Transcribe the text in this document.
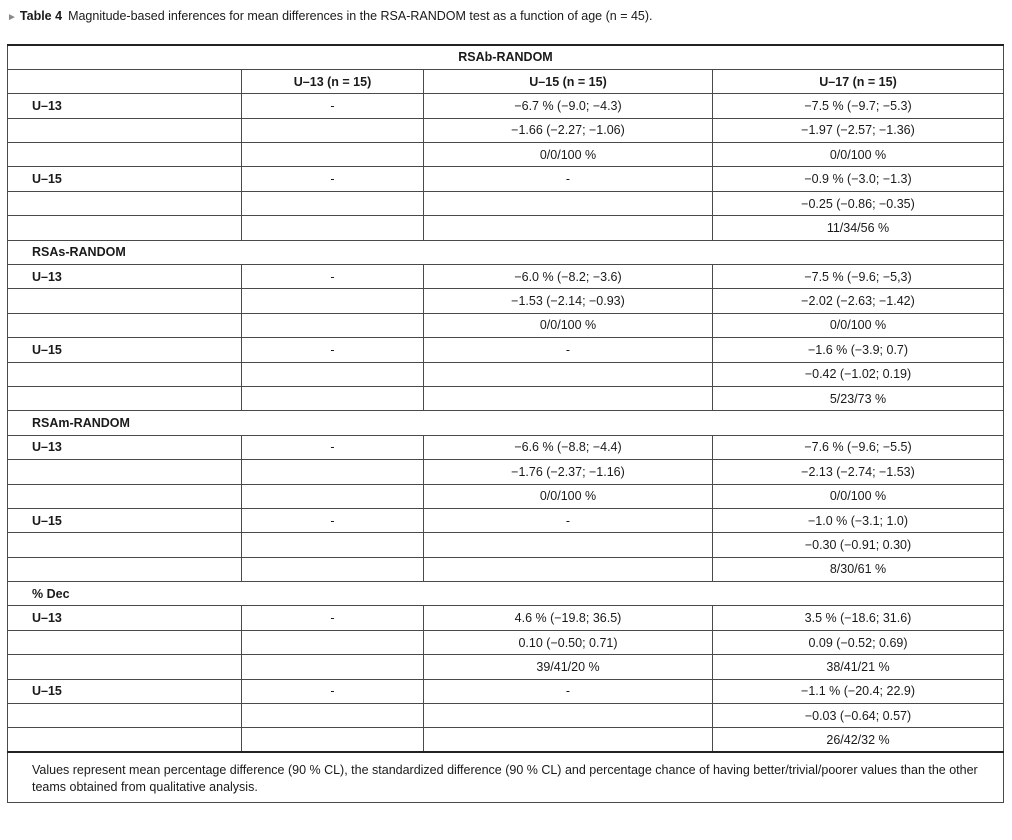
► Table 4 Magnitude-based inferences for mean differences in the RSA-RANDOM test as a function of age (n = 45).
RSAb-RANDOM			
	U–13 (n = 15)	U–15 (n = 15)	U–17 (n = 15)
U–13	-	−6.7 % (−9.0; −4.3)	−7.5 % (−9.7; −5.3)
		−1.66 (−2.27; −1.06)	−1.97 (−2.57; −1.36)
		0/0/100 %	0/0/100 %
U–15	-	-	−0.9 % (−3.0; −1.3)
			−0.25 (−0.86; −0.35)
			11/34/56 %
RSAs-RANDOM			
U–13	-	−6.0 % (−8.2; −3.6)	−7.5 % (−9.6; −5,3)
		−1.53 (−2.14; −0.93)	−2.02 (−2.63; −1.42)
		0/0/100 %	0/0/100 %
U–15	-	-	−1.6 % (−3.9; 0.7)
			−0.42 (−1.02; 0.19)
			5/23/73 %
RSAm-RANDOM			
U–13	-	−6.6 % (−8.8; −4.4)	−7.6 % (−9.6; −5.5)
		−1.76 (−2.37; −1.16)	−2.13 (−2.74; −1.53)
		0/0/100 %	0/0/100 %
U–15	-	-	−1.0 % (−3.1; 1.0)
			−0.30 (−0.91; 0.30)
			8/30/61 %
% Dec			
U–13	-	4.6 % (−19.8; 36.5)	3.5 % (−18.6; 31.6)
		0.10 (−0.50; 0.71)	0.09 (−0.52; 0.69)
		39/41/20 %	38/41/21 %
U–15	-	-	−1.1 % (−20.4; 22.9)
			−0.03 (−0.64; 0.57)
			26/42/32 %
Values represent mean percentage difference (90 % CL), the standardized difference (90 % CL) and percentage chance of having better/trivial/poorer values than the other teams obtained from qualitative analysis.			
